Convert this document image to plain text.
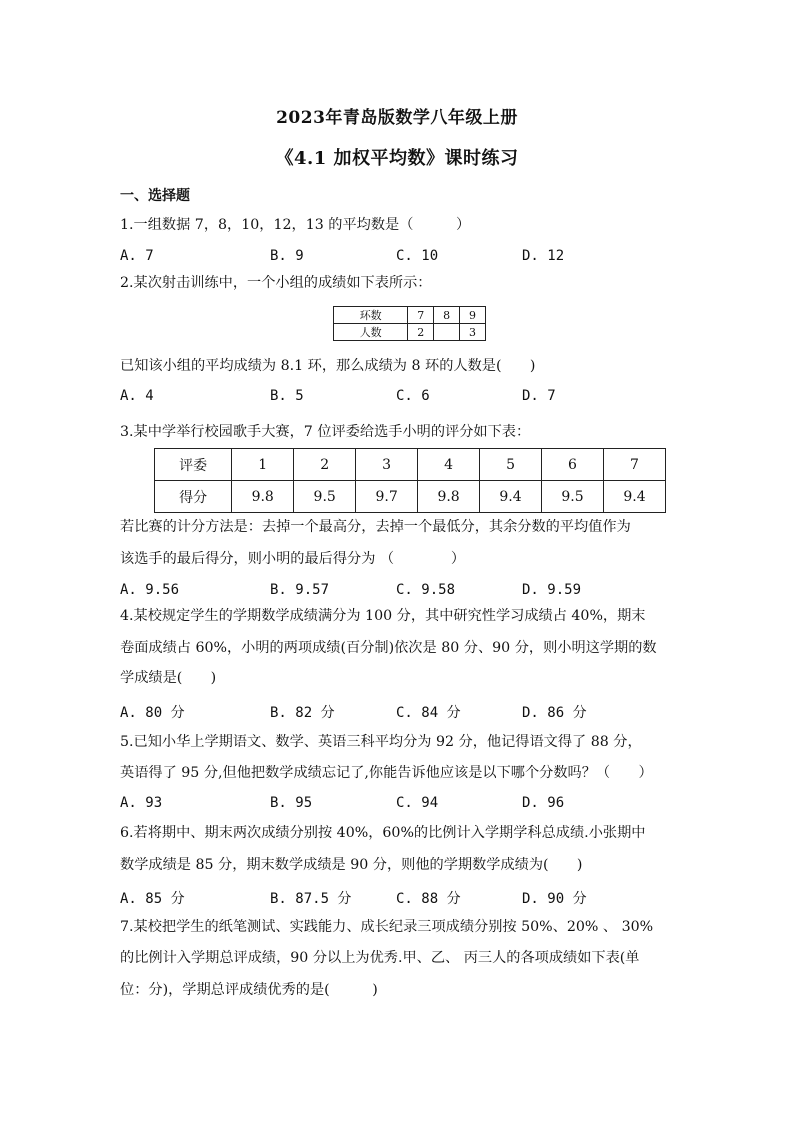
2023年青岛版数学八年级上册
《4.1 加权平均数》课时练习
一、选择题
1.一组数据 7，8，10，12，13 的平均数是（　　　）
A. 7	B. 9	C. 10	D. 12
2.某次射击训练中，一个小组的成绩如下表所示：
环数	7	8	9
人数	2		3
已知该小组的平均成绩为 8.1 环，那么成绩为 8 环的人数是(　　)
A. 4	B. 5	C. 6	D. 7
3.某中学举行校园歌手大赛，7 位评委给选手小明的评分如下表：
评委	1	2	3	4	5	6	7
得分	9.8	9.5	9.7	9.8	9.4	9.5	9.4
若比赛的计分方法是：去掉一个最高分，去掉一个最低分，其余分数的平均值作为
该选手的最后得分，则小明的最后得分为 （　　　　）
A. 9.56	B. 9.57	C. 9.58	D. 9.59
4.某校规定学生的学期数学成绩满分为 100 分，其中研究性学习成绩占 40%，期末
卷面成绩占 60%，小明的两项成绩(百分制)依次是 80 分、90 分，则小明这学期的数
学成绩是(　　)
A. 80 分	B. 82 分	C. 84 分	D. 86 分
5.已知小华上学期语文、数学、英语三科平均分为 92 分，他记得语文得了 88 分，
英语得了 95 分,但他把数学成绩忘记了,你能告诉他应该是以下哪个分数吗？（　　）
A. 93	B. 95	C. 94	D. 96
6.若将期中、期末两次成绩分别按 40%，60%的比例计入学期学科总成绩.小张期中
数学成绩是 85 分，期末数学成绩是 90 分，则他的学期数学成绩为(　　)
A. 85 分	B. 87.5 分	C. 88 分	D. 90 分
7.某校把学生的纸笔测试、实践能力、成长纪录三项成绩分别按 50%、20% 、 30%
的比例计入学期总评成绩，90 分以上为优秀.甲、乙、 丙三人的各项成绩如下表(单
位：分)，学期总评成绩优秀的是(　　　)
